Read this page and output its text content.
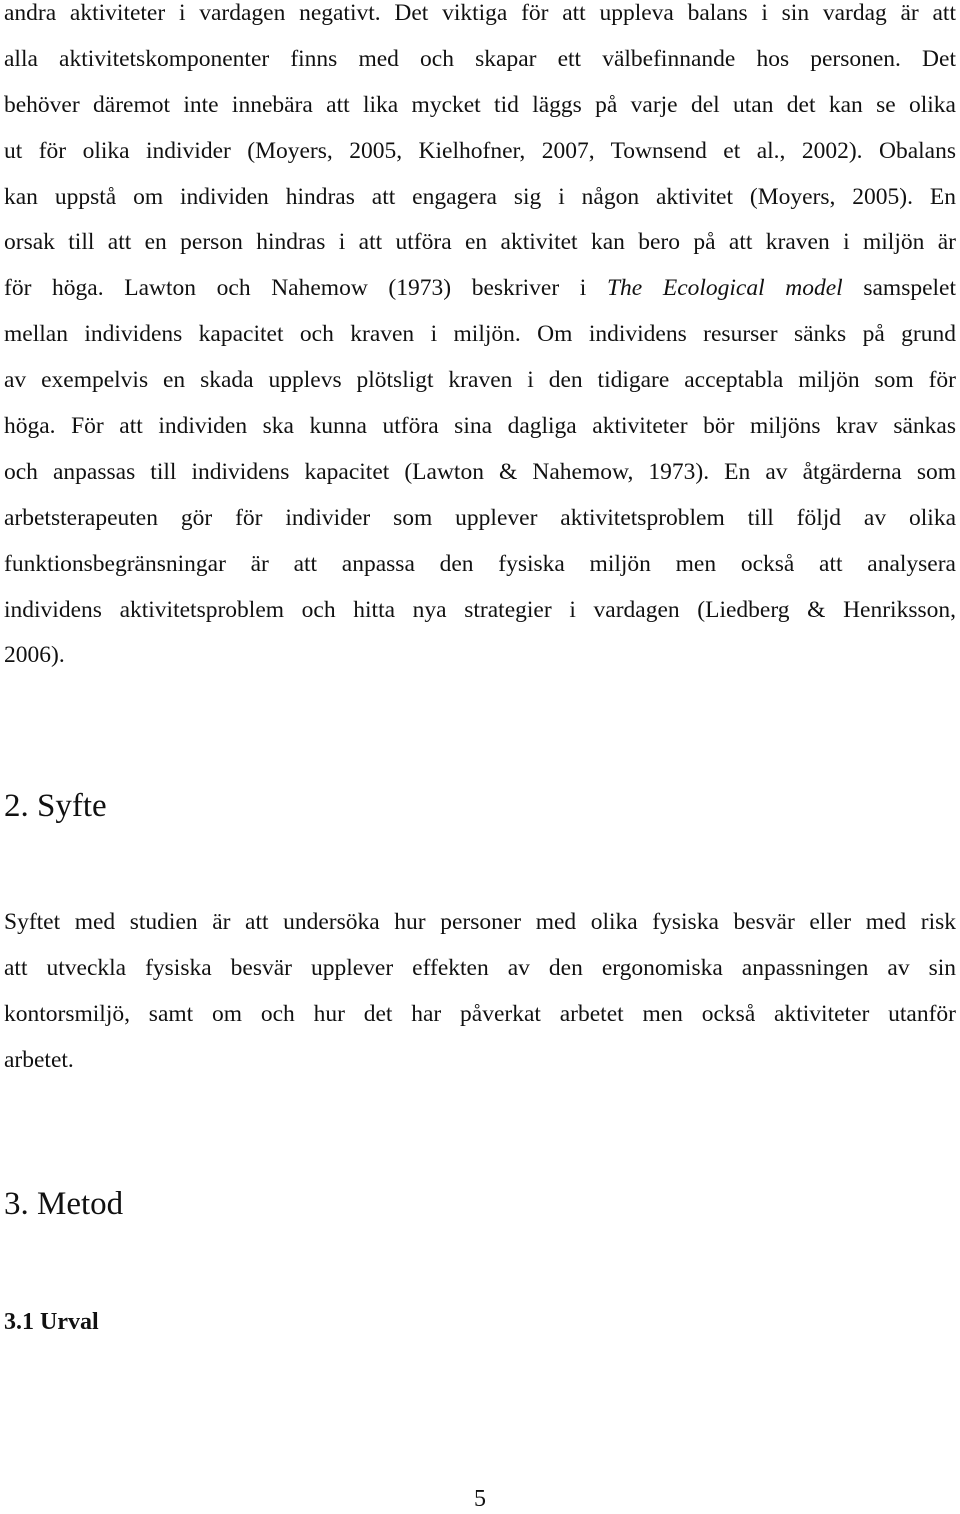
andra aktiviteter i vardagen negativt. Det viktiga för att uppleva balans i sin vardag är att
alla aktivitetskomponenter finns med och skapar ett välbefinnande hos personen. Det
behöver däremot inte innebära att lika mycket tid läggs på varje del utan det kan se olika
ut för olika individer (Moyers, 2005, Kielhofner, 2007, Townsend et al., 2002). Obalans
kan uppstå om individen hindras att engagera sig i någon aktivitet (Moyers, 2005). En
orsak till att en person hindras i att utföra en aktivitet kan bero på att kraven i miljön är
för höga. Lawton och Nahemow (1973) beskriver i The Ecological model samspelet
mellan individens kapacitet och kraven i miljön. Om individens resurser sänks på grund
av exempelvis en skada upplevs plötsligt kraven i den tidigare acceptabla miljön som för
höga. För att individen ska kunna utföra sina dagliga aktiviteter bör miljöns krav sänkas
och anpassas till individens kapacitet (Lawton & Nahemow, 1973). En av åtgärderna som
arbetsterapeuten gör för individer som upplever aktivitetsproblem till följd av olika
funktionsbegränsningar är att anpassa den fysiska miljön men också att analysera
individens aktivitetsproblem och hitta nya strategier i vardagen (Liedberg & Henriksson,
2006).
2. Syfte
Syftet med studien är att undersöka hur personer med olika fysiska besvär eller med risk
att utveckla fysiska besvär upplever effekten av den ergonomiska anpassningen av sin
kontorsmiljö, samt om och hur det har påverkat arbetet men också aktiviteter utanför
arbetet.
3. Metod
3.1 Urval
5
